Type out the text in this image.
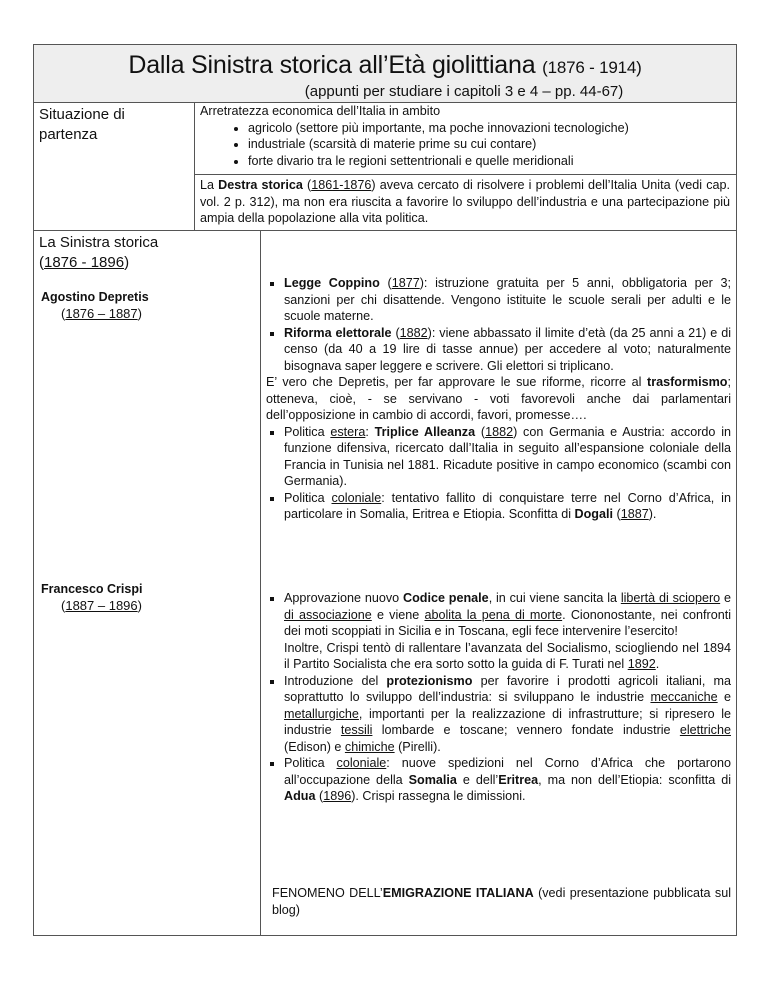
Dalla Sinistra storica all’Età giolittiana (1876 - 1914)
(appunti per studiare i capitoli 3 e 4 – pp. 44-67)
Situazione di
partenza
Arretratezza economica dell’Italia in ambito
• agricolo (settore più importante, ma poche innovazioni tecnologiche)
• industriale (scarsità di materie prime su cui contare)
• forte divario tra le regioni settentrionali e quelle meridionali
La Destra storica (1861-1876) aveva cercato di risolvere i problemi dell’Italia Unita (vedi cap. vol. 2 p. 312), ma non era riuscita a favorire lo sviluppo dell’industria e una partecipazione più ampia della popolazione alla vita politica.
La Sinistra storica
(1876 - 1896)
Agostino Depretis
(1876 – 1887)
Francesco Crispi
(1887 – 1896)
▪ Legge Coppino (1877): istruzione gratuita per 5 anni, obbligatoria per 3; sanzioni per chi disattende. Vengono istituite le scuole serali per adulti e le scuole materne.
▪ Riforma elettorale (1882): viene abbassato il limite d’età (da 25 anni a 21) e di censo (da 40 a 19 lire di tasse annue) per accedere al voto; naturalmente bisognava saper leggere e scrivere. Gli elettori si triplicano.
E’ vero che Depretis, per far approvare le sue riforme, ricorre al trasformismo; otteneva, cioè, - se servivano - voti favorevoli anche dai parlamentari dell’opposizione in cambio di accordi, favori, promesse….
▪ Politica estera: Triplice Alleanza (1882) con Germania e Austria: accordo in funzione difensiva, ricercato dall’Italia in seguito all’espansione coloniale della Francia in Tunisia nel 1881. Ricadute positive in campo economico (scambi con Germania).
▪ Politica coloniale: tentativo fallito di conquistare terre nel Corno d’Africa, in particolare in Somalia, Eritrea e Etiopia. Sconfitta di Dogali (1887).
▪ Approvazione nuovo Codice penale, in cui viene sancita la libertà di sciopero e di associazione e viene abolita la pena di morte. Ciononostante, nei confronti dei moti scoppiati in Sicilia e in Toscana, egli fece intervenire l’esercito!
Inoltre, Crispi tentò di rallentare l’avanzata del Socialismo, sciogliendo nel 1894 il Partito Socialista che era sorto sotto la guida di F. Turati nel 1892.
▪ Introduzione del protezionismo per favorire i prodotti agricoli italiani, ma soprattutto lo sviluppo dell’industria: si sviluppano le industrie meccaniche e metallurgiche, importanti per la realizzazione di infrastrutture; si ripresero le industrie tessili lombarde e toscane; vennero fondate industrie elettriche (Edison) e chimiche (Pirelli).
▪ Politica coloniale: nuove spedizioni nel Corno d’Africa che portarono all’occupazione della Somalia e dell’Eritrea, ma non dell’Etiopia: sconfitta di Adua (1896). Crispi rassegna le dimissioni.
FENOMENO DELL’EMIGRAZIONE ITALIANA (vedi presentazione pubblicata sul blog)
